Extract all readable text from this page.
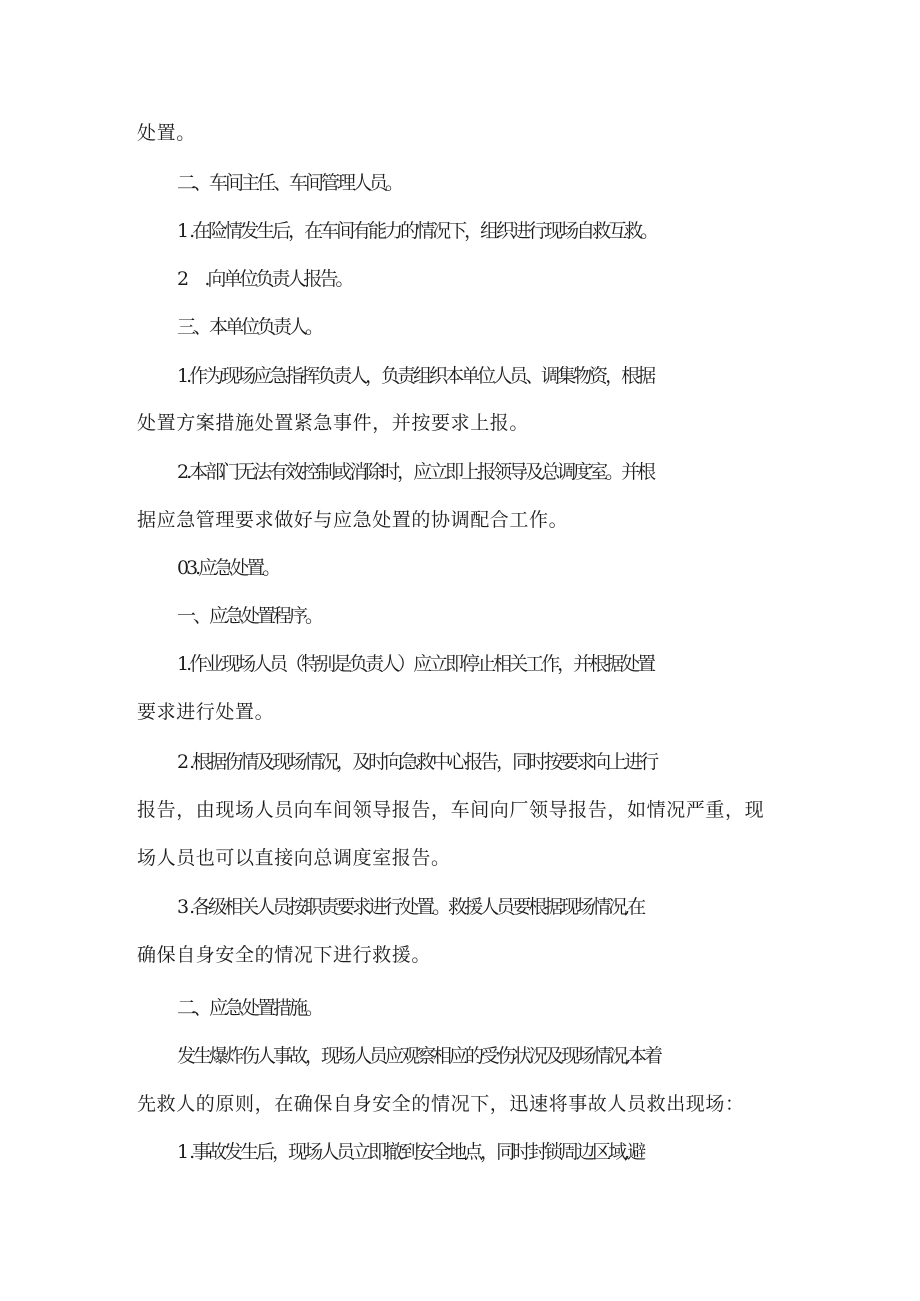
处置。

二、车间主任、车间管理人员。

1 .在险情发生后，在车间有能力的情况下，组织进行现场自救互救。

2      .向单位负责人报告。

三、本单位负责人。

1.作为现场应急指挥负责人，负责组织本单位人员、调集物资，根据

处置方案措施处置紧急事件，并按要求上报。

2.本部门无法有效控制或消除时，应立即上报领导及总调度室。并根

据应急管理要求做好与应急处置的协调配合工作。

03.应急处置。

一、应急处置程序。

1.作业现场人员（特别是负责人）应立即停止相关工作，并根据处置

要求进行处置。

2 .根据伤情及现场情况，及时向急救中心报告，同时按要求向上进行

报告，由现场人员向车间领导报告，车间向厂领导报告，如情况严重，现

场人员也可以直接向总调度室报告。

3 .各级相关人员按职责要求进行处置。救援人员要根据现场情况,在

确保自身安全的情况下进行救援。

二、应急处置措施。

发生爆炸伤人事故，现场人员应观察相应的受伤状况及现场情况,本着

先救人的原则，在确保自身安全的情况下，迅速将事故人员救出现场：

1 .事故发生后，现场人员立即撤到安全地点，同时封锁周边区域,避
